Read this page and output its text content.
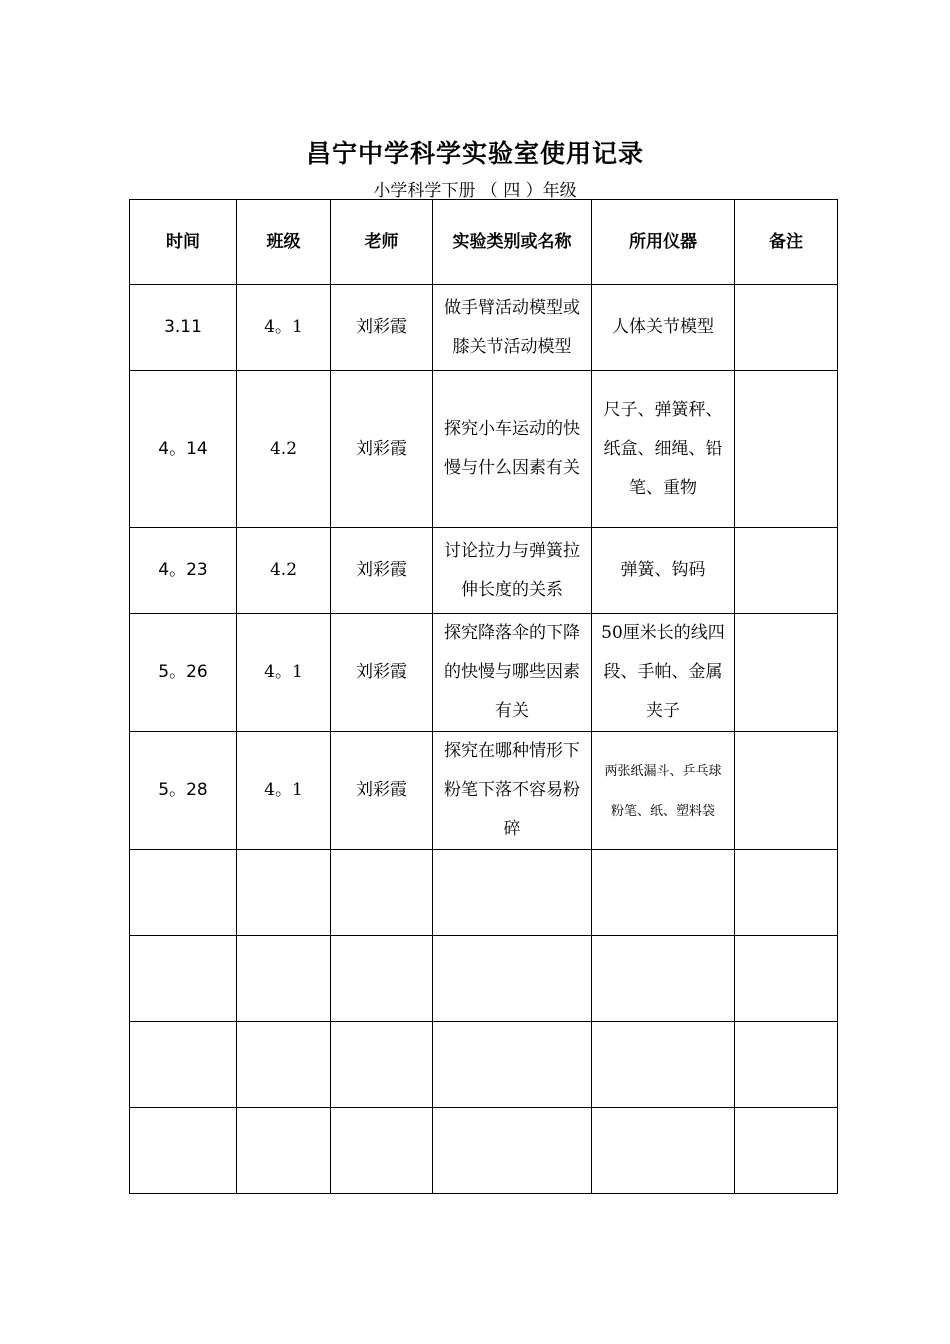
昌宁中学科学实验室使用记录
小学科学下册 （ 四 ）年级
时间	班级	老师	实验类别或名称	所用仪器	备注
3.11	4。1	刘彩霞	做手臂活动模型或膝关节活动模型	人体关节模型	
4。14	4.2	刘彩霞	探究小车运动的快慢与什么因素有关	尺子、弹簧秤、纸盒、细绳、铅笔、重物	
4。23	4.2	刘彩霞	讨论拉力与弹簧拉伸长度的关系	弹簧、钩码	
5。26	4。1	刘彩霞	探究降落伞的下降的快慢与哪些因素有关	50厘米长的线四段、手帕、金属夹子	
5。28	4。1	刘彩霞	探究在哪种情形下粉笔下落不容易粉碎	两张纸漏斗、乒乓球粉笔、纸、塑料袋	
